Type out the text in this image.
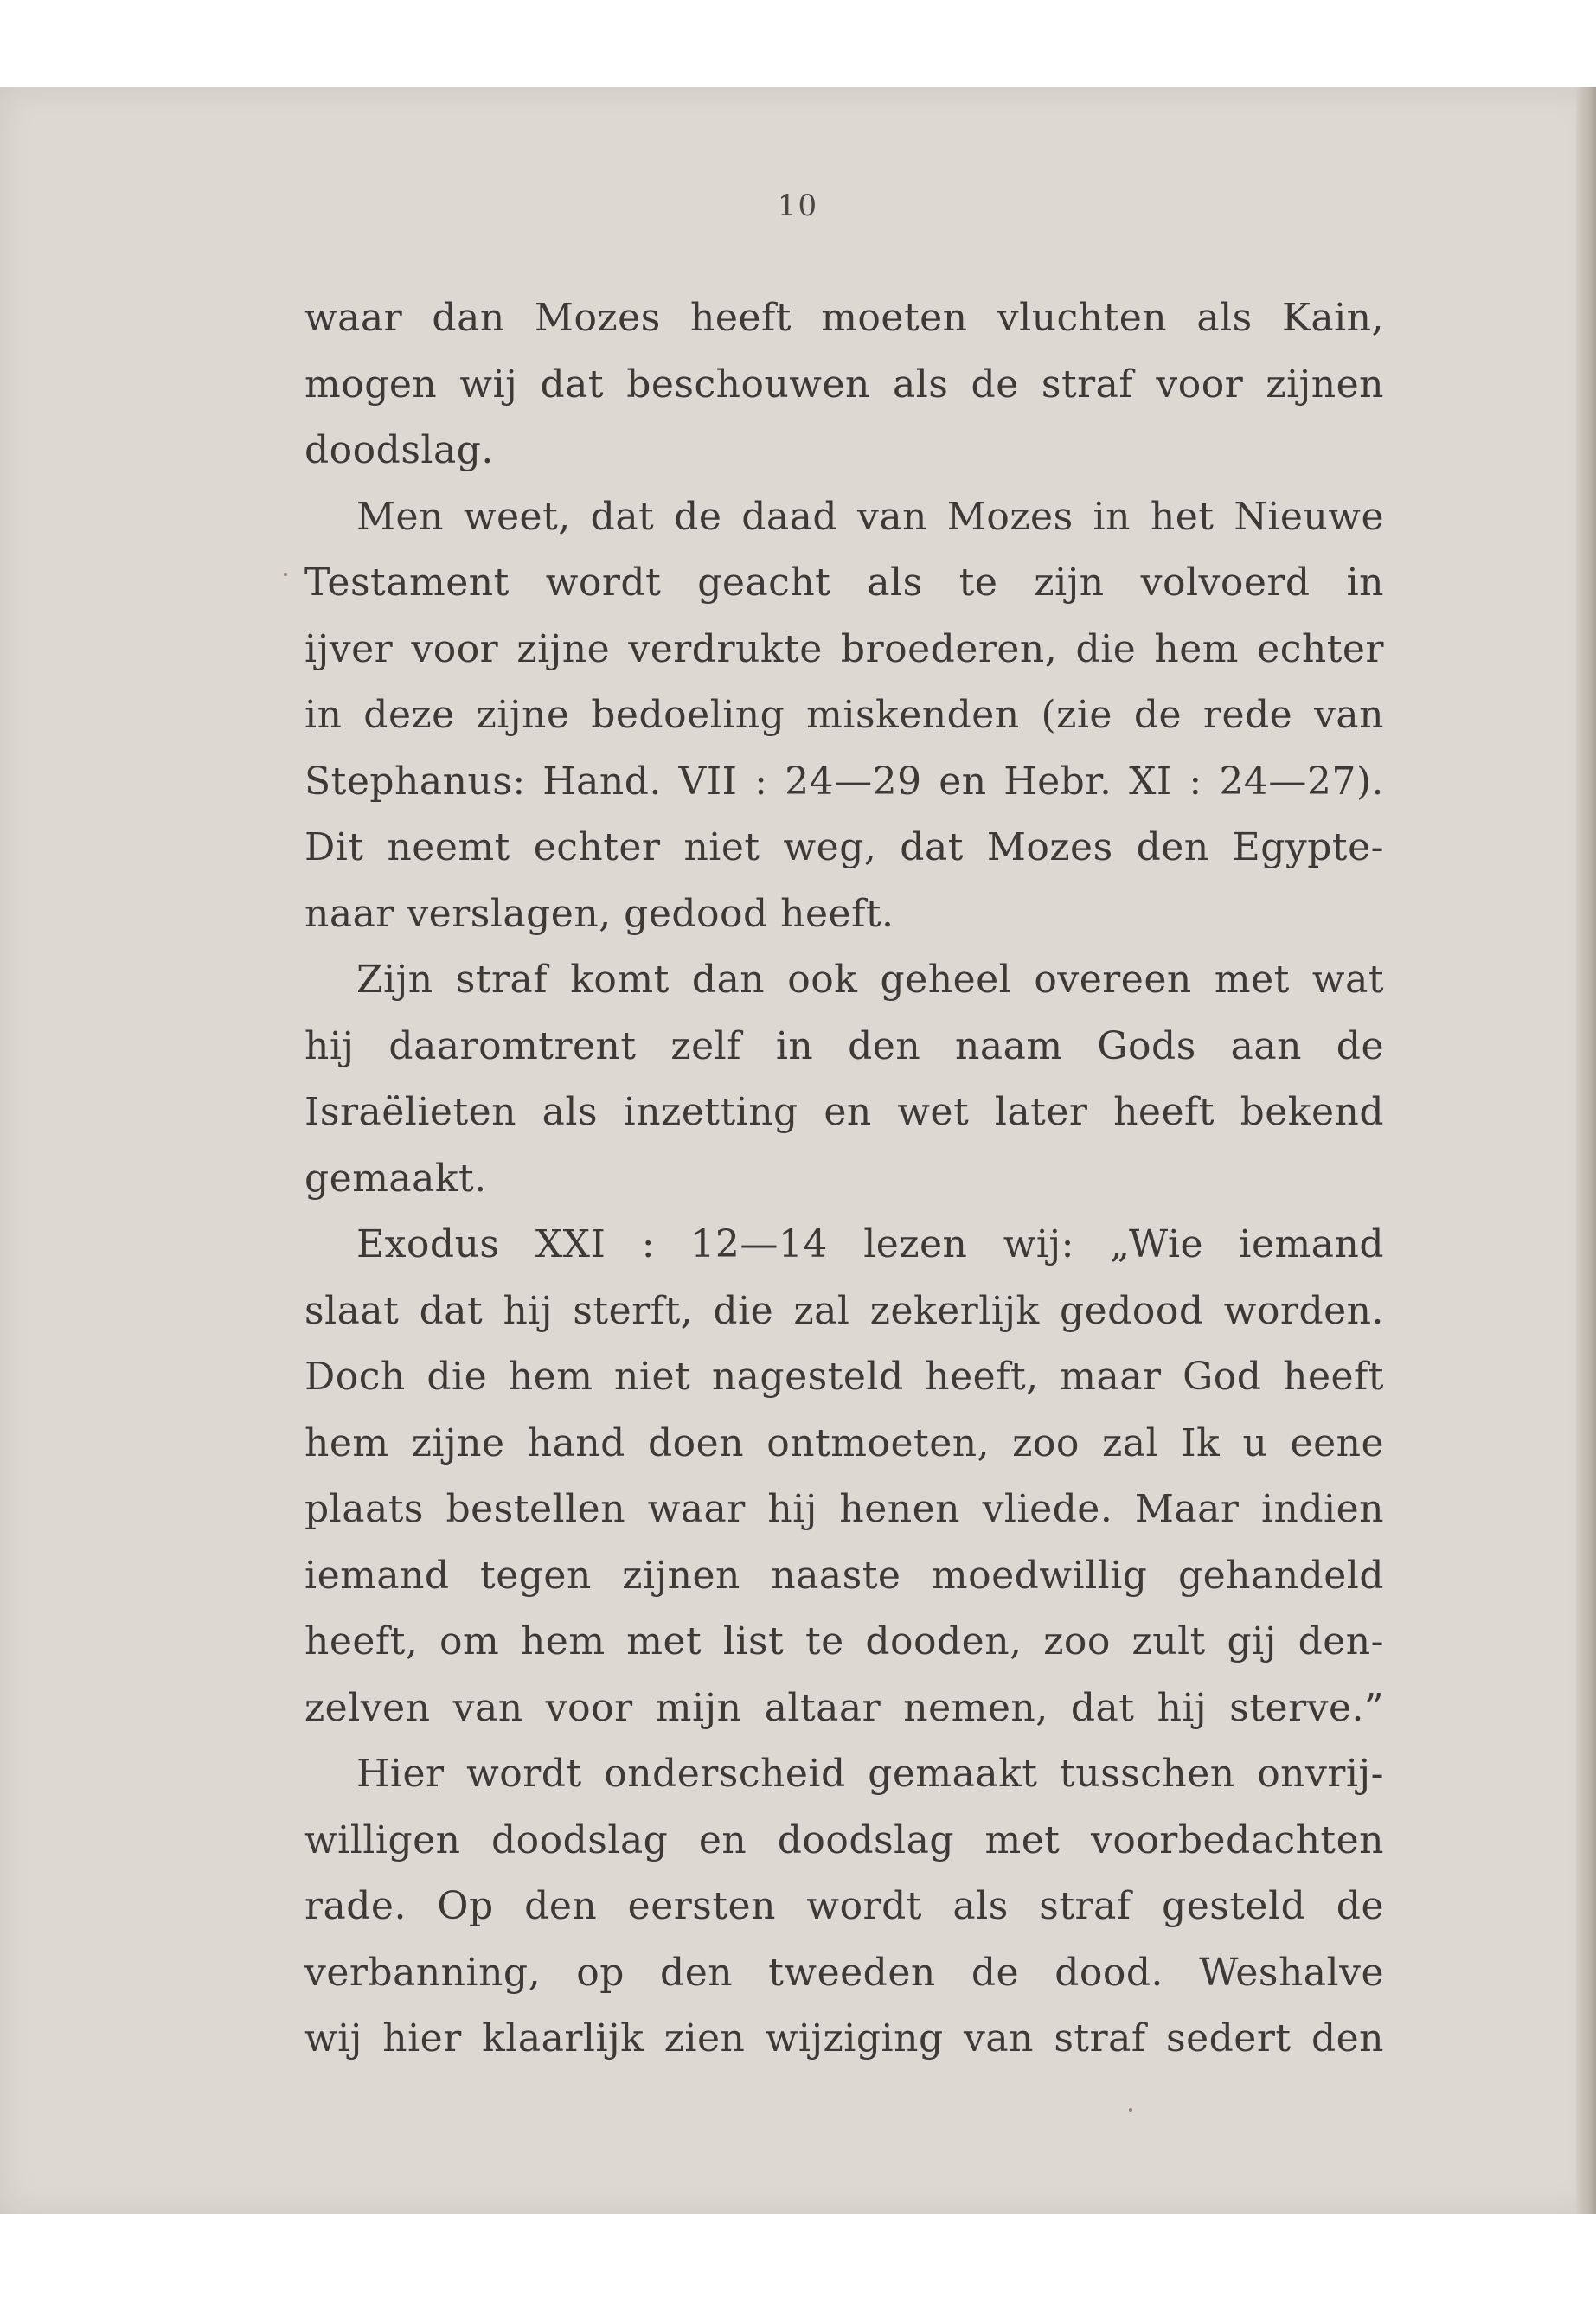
10
waar dan Mozes heeft moeten vluchten als Kain,
mogen wij dat beschouwen als de straf voor zijnen
doodslag.
Men weet, dat de daad van Mozes in het Nieuwe
Testament wordt geacht als te zijn volvoerd in
ijver voor zijne verdrukte broederen, die hem echter
in deze zijne bedoeling miskenden (zie de rede van
Stephanus: Hand. VII : 24—29 en Hebr. XI : 24—27).
Dit neemt echter niet weg, dat Mozes den Egypte-
naar verslagen, gedood heeft.
Zijn straf komt dan ook geheel overeen met wat
hij daaromtrent zelf in den naam Gods aan de
Israëlieten als inzetting en wet later heeft bekend
gemaakt.
Exodus XXI : 12—14 lezen wij: „Wie iemand
slaat dat hij sterft, die zal zekerlijk gedood worden.
Doch die hem niet nagesteld heeft, maar God heeft
hem zijne hand doen ontmoeten, zoo zal Ik u eene
plaats bestellen waar hij henen vliede. Maar indien
iemand tegen zijnen naaste moedwillig gehandeld
heeft, om hem met list te dooden, zoo zult gij den-
zelven van voor mijn altaar nemen, dat hij sterve.”
Hier wordt onderscheid gemaakt tusschen onvrij-
willigen doodslag en doodslag met voorbedachten
rade. Op den eersten wordt als straf gesteld de
verbanning, op den tweeden de dood. Weshalve
wij hier klaarlijk zien wijziging van straf sedert den
